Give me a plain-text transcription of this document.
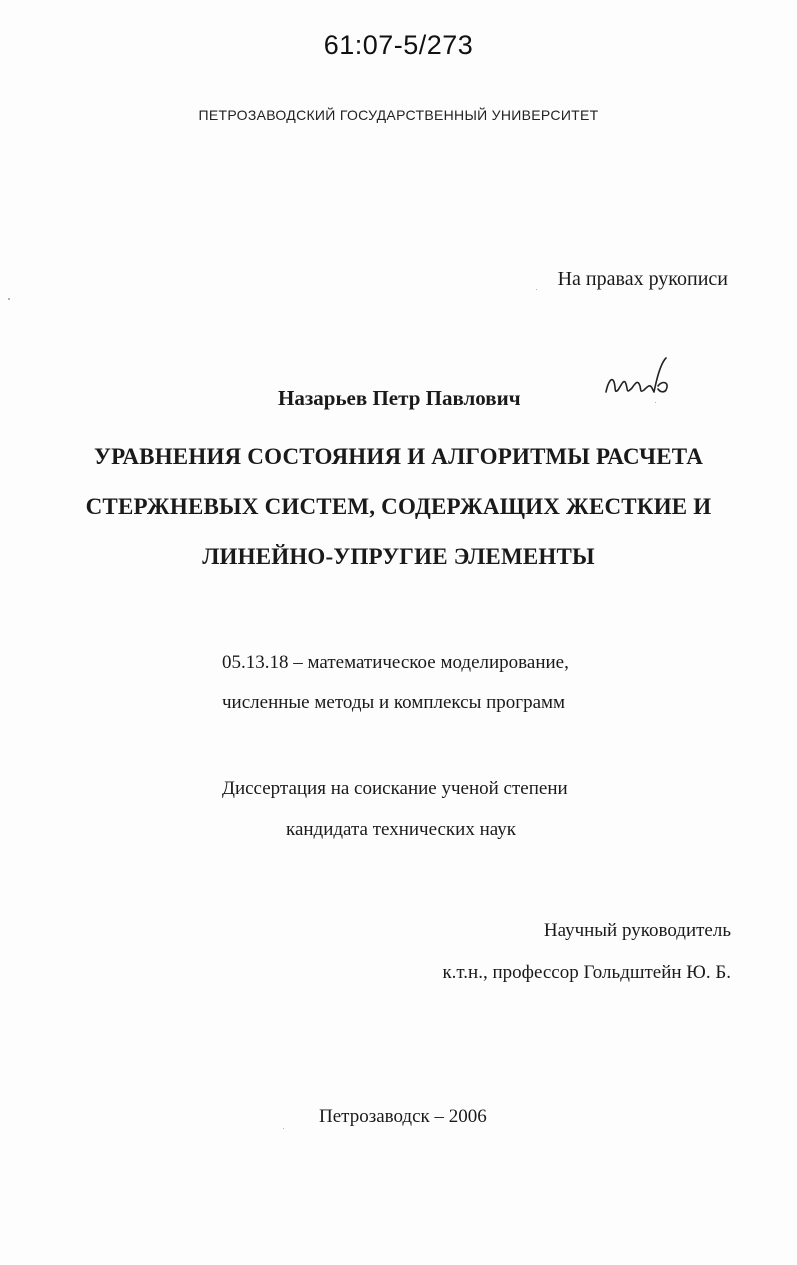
61:07-5/273

ПЕТРОЗАВОДСКИЙ ГОСУДАРСТВЕННЫЙ УНИВЕРСИТЕТ

На правах рукописи

Назарьев Петр Павлович

УРАВНЕНИЯ СОСТОЯНИЯ И АЛГОРИТМЫ РАСЧЕТА

СТЕРЖНЕВЫХ СИСТЕМ, СОДЕРЖАЩИХ ЖЕСТКИЕ И

ЛИНЕЙНО-УПРУГИЕ ЭЛЕМЕНТЫ

05.13.18 – математическое моделирование,

численные методы и комплексы программ

Диссертация на соискание ученой степени

кандидата технических наук

Научный руководитель

к.т.н., профессор Гольдштейн Ю. Б.

Петрозаводск – 2006
